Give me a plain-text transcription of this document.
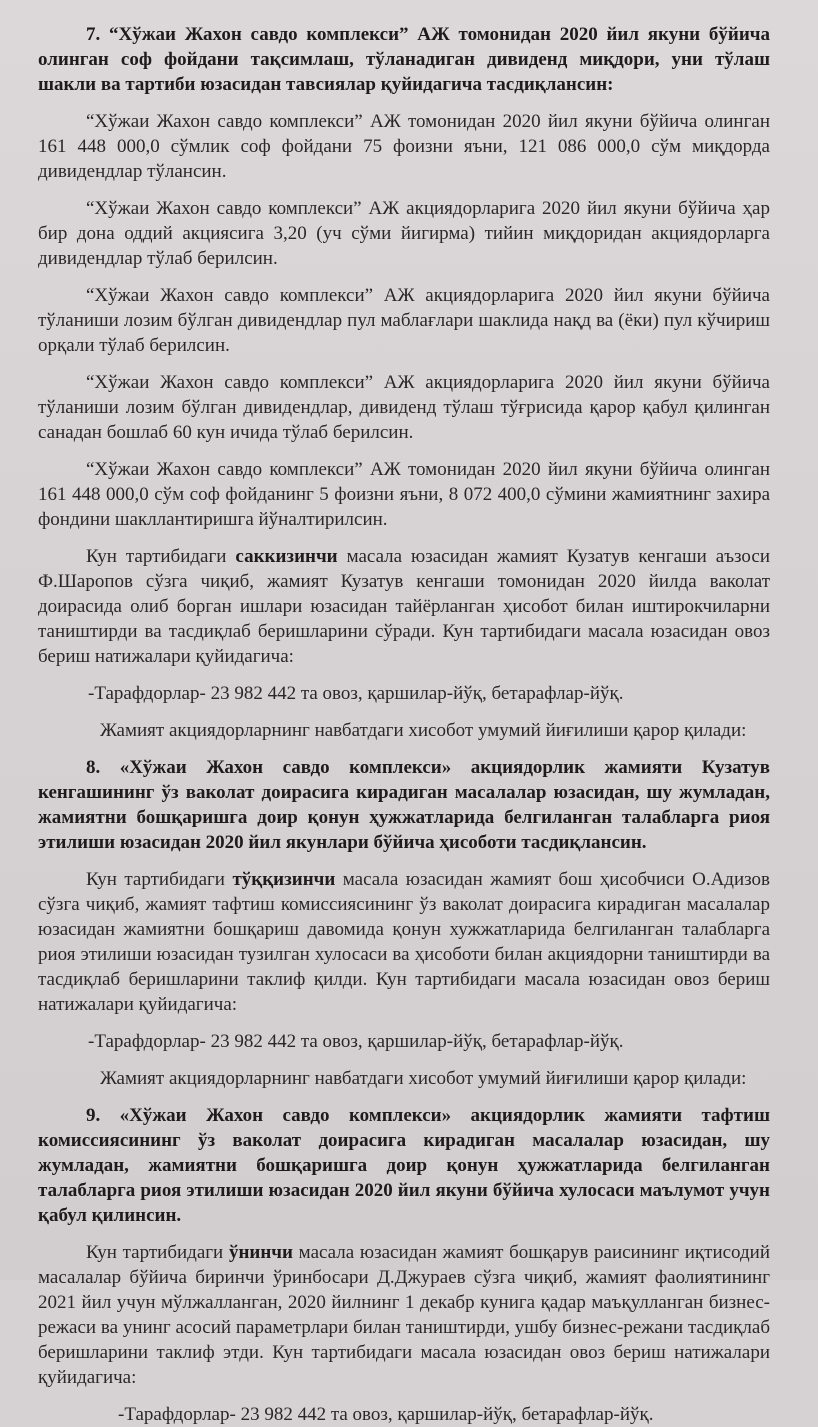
7. “Хўжаи Жахон савдо комплекси” АЖ томонидан 2020 йил якуни бўйича олинган соф фойдани тақсимлаш, тўланадиган дивиденд миқдори, уни тўлаш шакли ва тартиби юзасидан тавсиялар қуйидагича тасдиқлансин:

“Хўжаи Жахон савдо комплекси” АЖ томонидан 2020 йил якуни бўйича олинган 161 448 000,0 сўмлик соф фойдани 75 фоизни яъни, 121 086 000,0 сўм миқдорда дивидендлар тўлансин.

“Хўжаи Жахон савдо комплекси” АЖ акциядорларига 2020 йил якуни бўйича ҳар бир дона оддий акциясига 3,20 (уч сўми йигирма) тийин миқдоридан акциядорларга дивидендлар тўлаб берилсин.

“Хўжаи Жахон савдо комплекси” АЖ акциядорларига 2020 йил якуни бўйича тўланиши лозим бўлган дивидендлар пул маблағлари шаклида нақд ва (ёки) пул кўчириш орқали тўлаб берилсин.

“Хўжаи Жахон савдо комплекси” АЖ акциядорларига 2020 йил якуни бўйича тўланиши лозим бўлган дивидендлар, дивиденд тўлаш тўғрисида қарор қабул қилинган санадан бошлаб 60 кун ичида тўлаб берилсин.

“Хўжаи Жахон савдо комплекси” АЖ томонидан 2020 йил якуни бўйича олинган 161 448 000,0 сўм соф фойданинг 5 фоизни яъни, 8 072 400,0 сўмини жамиятнинг захира фондини шакллантиришга йўналтирилсин.

Кун тартибидаги саккизинчи масала юзасидан жамият Кузатув кенгаши аъзоси Ф.Шаропов сўзга чиқиб, жамият Кузатув кенгаши томонидан 2020 йилда ваколат доирасида олиб борган ишлари юзасидан тайёрланган ҳисобот билан иштирокчиларни таништирди ва тасдиқлаб беришларини сўради. Кун тартибидаги масала юзасидан овоз бериш натижалари қуйидагича:

-Тарафдорлар- 23 982 442 та овоз, қаршилар-йўқ, бетарафлар-йўқ.

Жамият акциядорларнинг навбатдаги хисобот умумий йиғилиши қарор қилади:

8. «Хўжаи Жахон савдо комплекси» акциядорлик жамияти Кузатув кенгашининг ўз ваколат доирасига кирадиган масалалар юзасидан, шу жумладан, жамиятни бошқаришга доир қонун ҳужжатларида белгиланган талабларга риоя этилиши юзасидан 2020 йил якунлари бўйича ҳисоботи тасдиқлансин.

Кун тартибидаги тўққизинчи масала юзасидан жамият бош ҳисобчиси О.Адизов сўзга чиқиб, жамият тафтиш комиссиясининг ўз ваколат доирасига кирадиган масалалар юзасидан жамиятни бошқариш давомида қонун хужжатларида белгиланган талабларга риоя этилиши юзасидан тузилган хулосаси ва ҳисоботи билан акциядорни таништирди ва тасдиқлаб беришларини таклиф қилди. Кун тартибидаги масала юзасидан овоз бериш натижалари қуйидагича:

-Тарафдорлар- 23 982 442 та овоз, қаршилар-йўқ, бетарафлар-йўқ.

Жамият акциядорларнинг навбатдаги хисобот умумий йиғилиши қарор қилади:

9. «Хўжаи Жахон савдо комплекси» акциядорлик жамияти тафтиш комиссиясининг ўз ваколат доирасига кирадиган масалалар юзасидан, шу жумладан, жамиятни бошқаришга доир қонун ҳужжатларида белгиланган талабларга риоя этилиши юзасидан 2020 йил якуни бўйича хулосаси маълумот учун қабул қилинсин.

Кун тартибидаги ўнинчи масала юзасидан жамият бошқарув раисининг иқтисодий масалалар бўйича биринчи ўринбосари Д.Джураев сўзга чиқиб, жамият фаолиятининг 2021 йил учун мўлжалланган, 2020 йилнинг 1 декабр кунига қадар маъқулланган бизнес-режаси ва унинг асосий параметрлари билан таништирди, ушбу бизнес-режани тасдиқлаб беришларини таклиф этди. Кун тартибидаги масала юзасидан овоз бериш натижалари қуйидагича:

-Тарафдорлар- 23 982 442 та овоз, қаршилар-йўқ, бетарафлар-йўқ.
